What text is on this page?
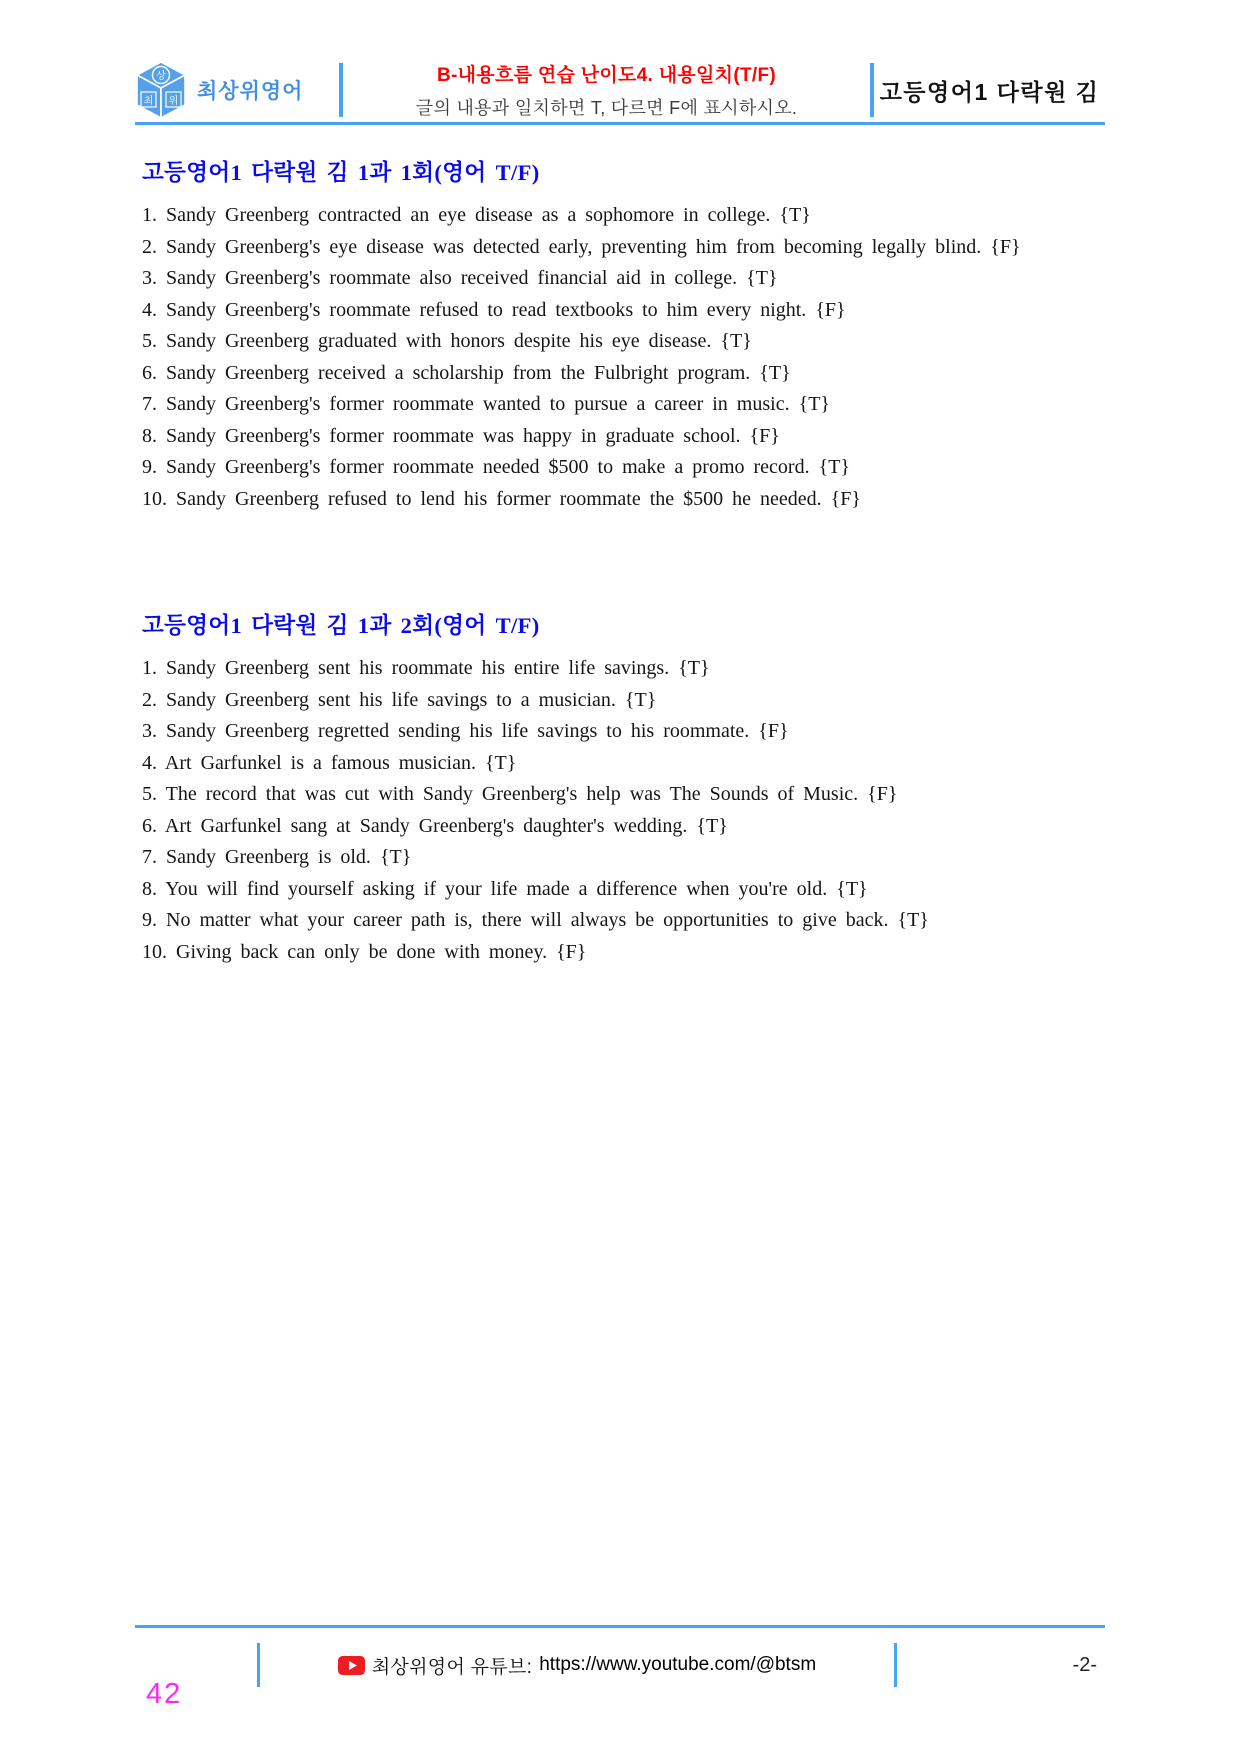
상
최 위 최상위영어
B-내용흐름 연습 난이도4. 내용일치(T/F)
글의 내용과 일치하면 T, 다르면 F에 표시하시오.
고등영어1 다락원 김
고등영어1 다락원 김 1과 1회(영어 T/F)
1. Sandy Greenberg contracted an eye disease as a sophomore in college. {T}
2. Sandy Greenberg's eye disease was detected early, preventing him from becoming legally blind. {F}
3. Sandy Greenberg's roommate also received financial aid in college. {T}
4. Sandy Greenberg's roommate refused to read textbooks to him every night. {F}
5. Sandy Greenberg graduated with honors despite his eye disease. {T}
6. Sandy Greenberg received a scholarship from the Fulbright program. {T}
7. Sandy Greenberg's former roommate wanted to pursue a career in music. {T}
8. Sandy Greenberg's former roommate was happy in graduate school. {F}
9. Sandy Greenberg's former roommate needed $500 to make a promo record. {T}
10. Sandy Greenberg refused to lend his former roommate the $500 he needed. {F}
고등영어1 다락원 김 1과 2회(영어 T/F)
1. Sandy Greenberg sent his roommate his entire life savings. {T}
2. Sandy Greenberg sent his life savings to a musician. {T}
3. Sandy Greenberg regretted sending his life savings to his roommate. {F}
4. Art Garfunkel is a famous musician. {T}
5. The record that was cut with Sandy Greenberg's help was The Sounds of Music. {F}
6. Art Garfunkel sang at Sandy Greenberg's daughter's wedding. {T}
7. Sandy Greenberg is old. {T}
8. You will find yourself asking if your life made a difference when you're old. {T}
9. No matter what your career path is, there will always be opportunities to give back. {T}
10. Giving back can only be done with money. {F}
최상위영어 유튜브: https://www.youtube.com/@btsm	-2-
42
